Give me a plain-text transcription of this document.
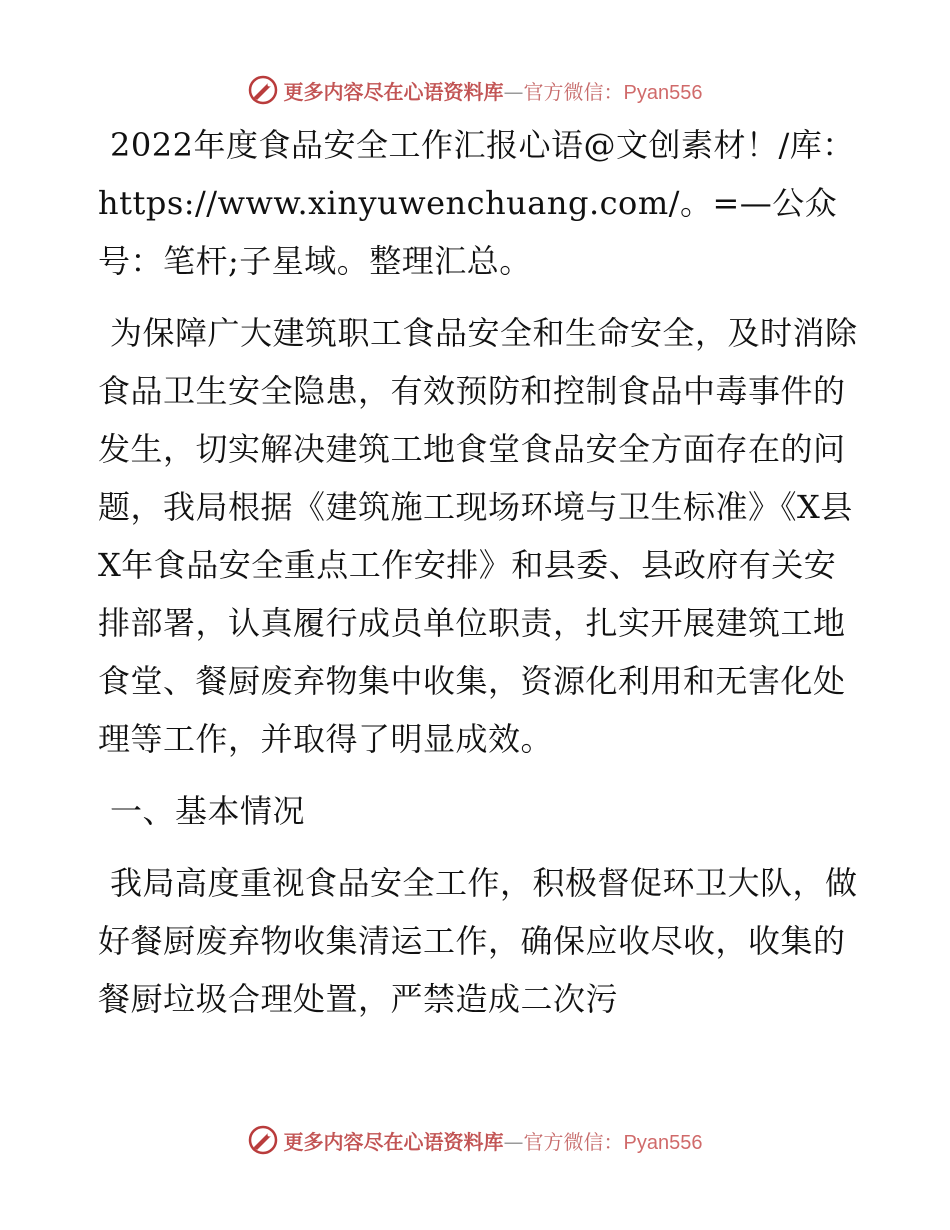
更多内容尽在心语资料库—官方微信：Pyan556

2022年度食品安全工作汇报心语@文创素材！/库：https://www.xinyuwenchuang.com/。=—公众号：笔杆;子星域。整理汇总。

为保障广大建筑职工食品安全和生命安全，及时消除食品卫生安全隐患，有效预防和控制食品中毒事件的发生，切实解决建筑工地食堂食品安全方面存在的问题，我局根据《建筑施工现场环境与卫生标准》《X县X年食品安全重点工作安排》和县委、县政府有关安排部署，认真履行成员单位职责，扎实开展建筑工地食堂、餐厨废弃物集中收集，资源化利用和无害化处理等工作，并取得了明显成效。

一、基本情况

我局高度重视食品安全工作，积极督促环卫大队，做好餐厨废弃物收集清运工作，确保应收尽收，收集的餐厨垃圾合理处置，严禁造成二次污

更多内容尽在心语资料库—官方微信：Pyan556
